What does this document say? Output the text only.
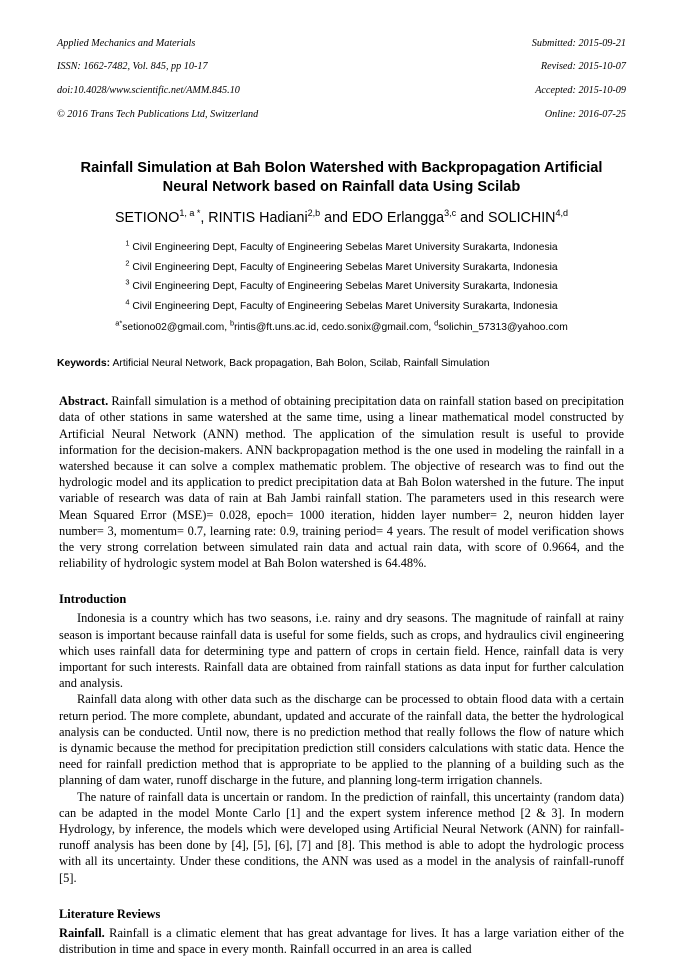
Applied Mechanics and Materials

ISSN: 1662-7482, Vol. 845, pp 10-17

doi:10.4028/www.scientific.net/AMM.845.10

© 2016 Trans Tech Publications Ltd, Switzerland

Submitted: 2015-09-21

Revised: 2015-10-07

Accepted: 2015-10-09

Online: 2016-07-25

Rainfall Simulation at Bah Bolon Watershed with Backpropagation Artificial Neural Network based on Rainfall data Using Scilab
$SETIONO^{1, a *}$, RINTIS Hadiani$^{2,b}$ and EDO Erlangga$^{3,c}$ and SOLICHIN$^{4,d}$
$^1$ Civil Engineering Dept, Faculty of Engineering Sebelas Maret University Surakarta, Indonesia
$^2$ Civil Engineering Dept, Faculty of Engineering Sebelas Maret University Surakarta, Indonesia
$^3$ Civil Engineering Dept, Faculty of Engineering Sebelas Maret University Surakarta, Indonesia
$^4$ Civil Engineering Dept, Faculty of Engineering Sebelas Maret University Surakarta, Indonesia
$^{a*}$setiono02@gmail.com, $^b$rintis@ft.uns.ac.id, cedo.sonix@gmail.com, $^d$solichin_57313@yahoo.com
Keywords: Artificial Neural Network, Back propagation, Bah Bolon, Scilab, Rainfall Simulation
Abstract. Rainfall simulation is a method of obtaining precipitation data on rainfall station based on precipitation data of other stations in same watershed at the same time, using a linear mathematical model constructed by Artificial Neural Network (ANN) method. The application of the simulation result is useful to provide information for the decision-makers. ANN backpropagation method is the one used in modeling the rainfall in a watershed because it can solve a complex mathematic problem. The objective of research was to find out the hydrologic model and its application to predict precipitation data at Bah Bolon watershed in the future. The input variable of research was data of rain at Bah Jambi rainfall station. The parameters used in this research were Mean Squared Error (MSE)= 0.028, epoch= 1000 iteration, hidden layer number= 2, neuron hidden layer number= 3, momentum= 0.7, learning rate: 0.9, training period= 4 years. The result of model verification shows the very strong correlation between simulated rain data and actual rain data, with score of 0.9664, and the reliability of hydrologic system model at Bah Bolon watershed is 64.48%.
Introduction

Indonesia is a country which has two seasons, i.e. rainy and dry seasons. The magnitude of rainfall at rainy season is important because rainfall data is useful for some fields, such as crops, and hydraulics civil engineering which uses rainfall data for determining type and pattern of crops in certain field. Hence, rainfall data is very important for such interests. Rainfall data are obtained from rainfall stations as data input for further calculation and analysis.

Rainfall data along with other data such as the discharge can be processed to obtain flood data with a certain return period. The more complete, abundant, updated and accurate of the rainfall data, the better the hydrological analysis can be conducted. Until now, there is no prediction method that really follows the flow of nature which is dynamic because the method for precipitation prediction still considers calculations with static data. Hence the need for rainfall prediction method that is appropriate to be applied to the planning of a building such as the planning of dam water, runoff discharge in the future, and planning long-term irrigation channels.

The nature of rainfall data is uncertain or random. In the prediction of rainfall, this uncertainty (random data) can be adapted in the model Monte Carlo [1] and the expert system inference method [2 & 3]. In modern Hydrology, by inference, the models which were developed using Artificial Neural Network (ANN) for rainfall-runoff analysis has been done by [4], [5], [6], [7] and [8]. This method is able to adopt the hydrologic process with all its uncertainty. Under these conditions, the ANN was used as a model in the analysis of rainfall-runoff [5].

Literature Reviews

Rainfall. Rainfall is a climatic element that has great advantage for lives. It has a large variation either of the distribution in time and space in every month. Rainfall occurred in an area is called
